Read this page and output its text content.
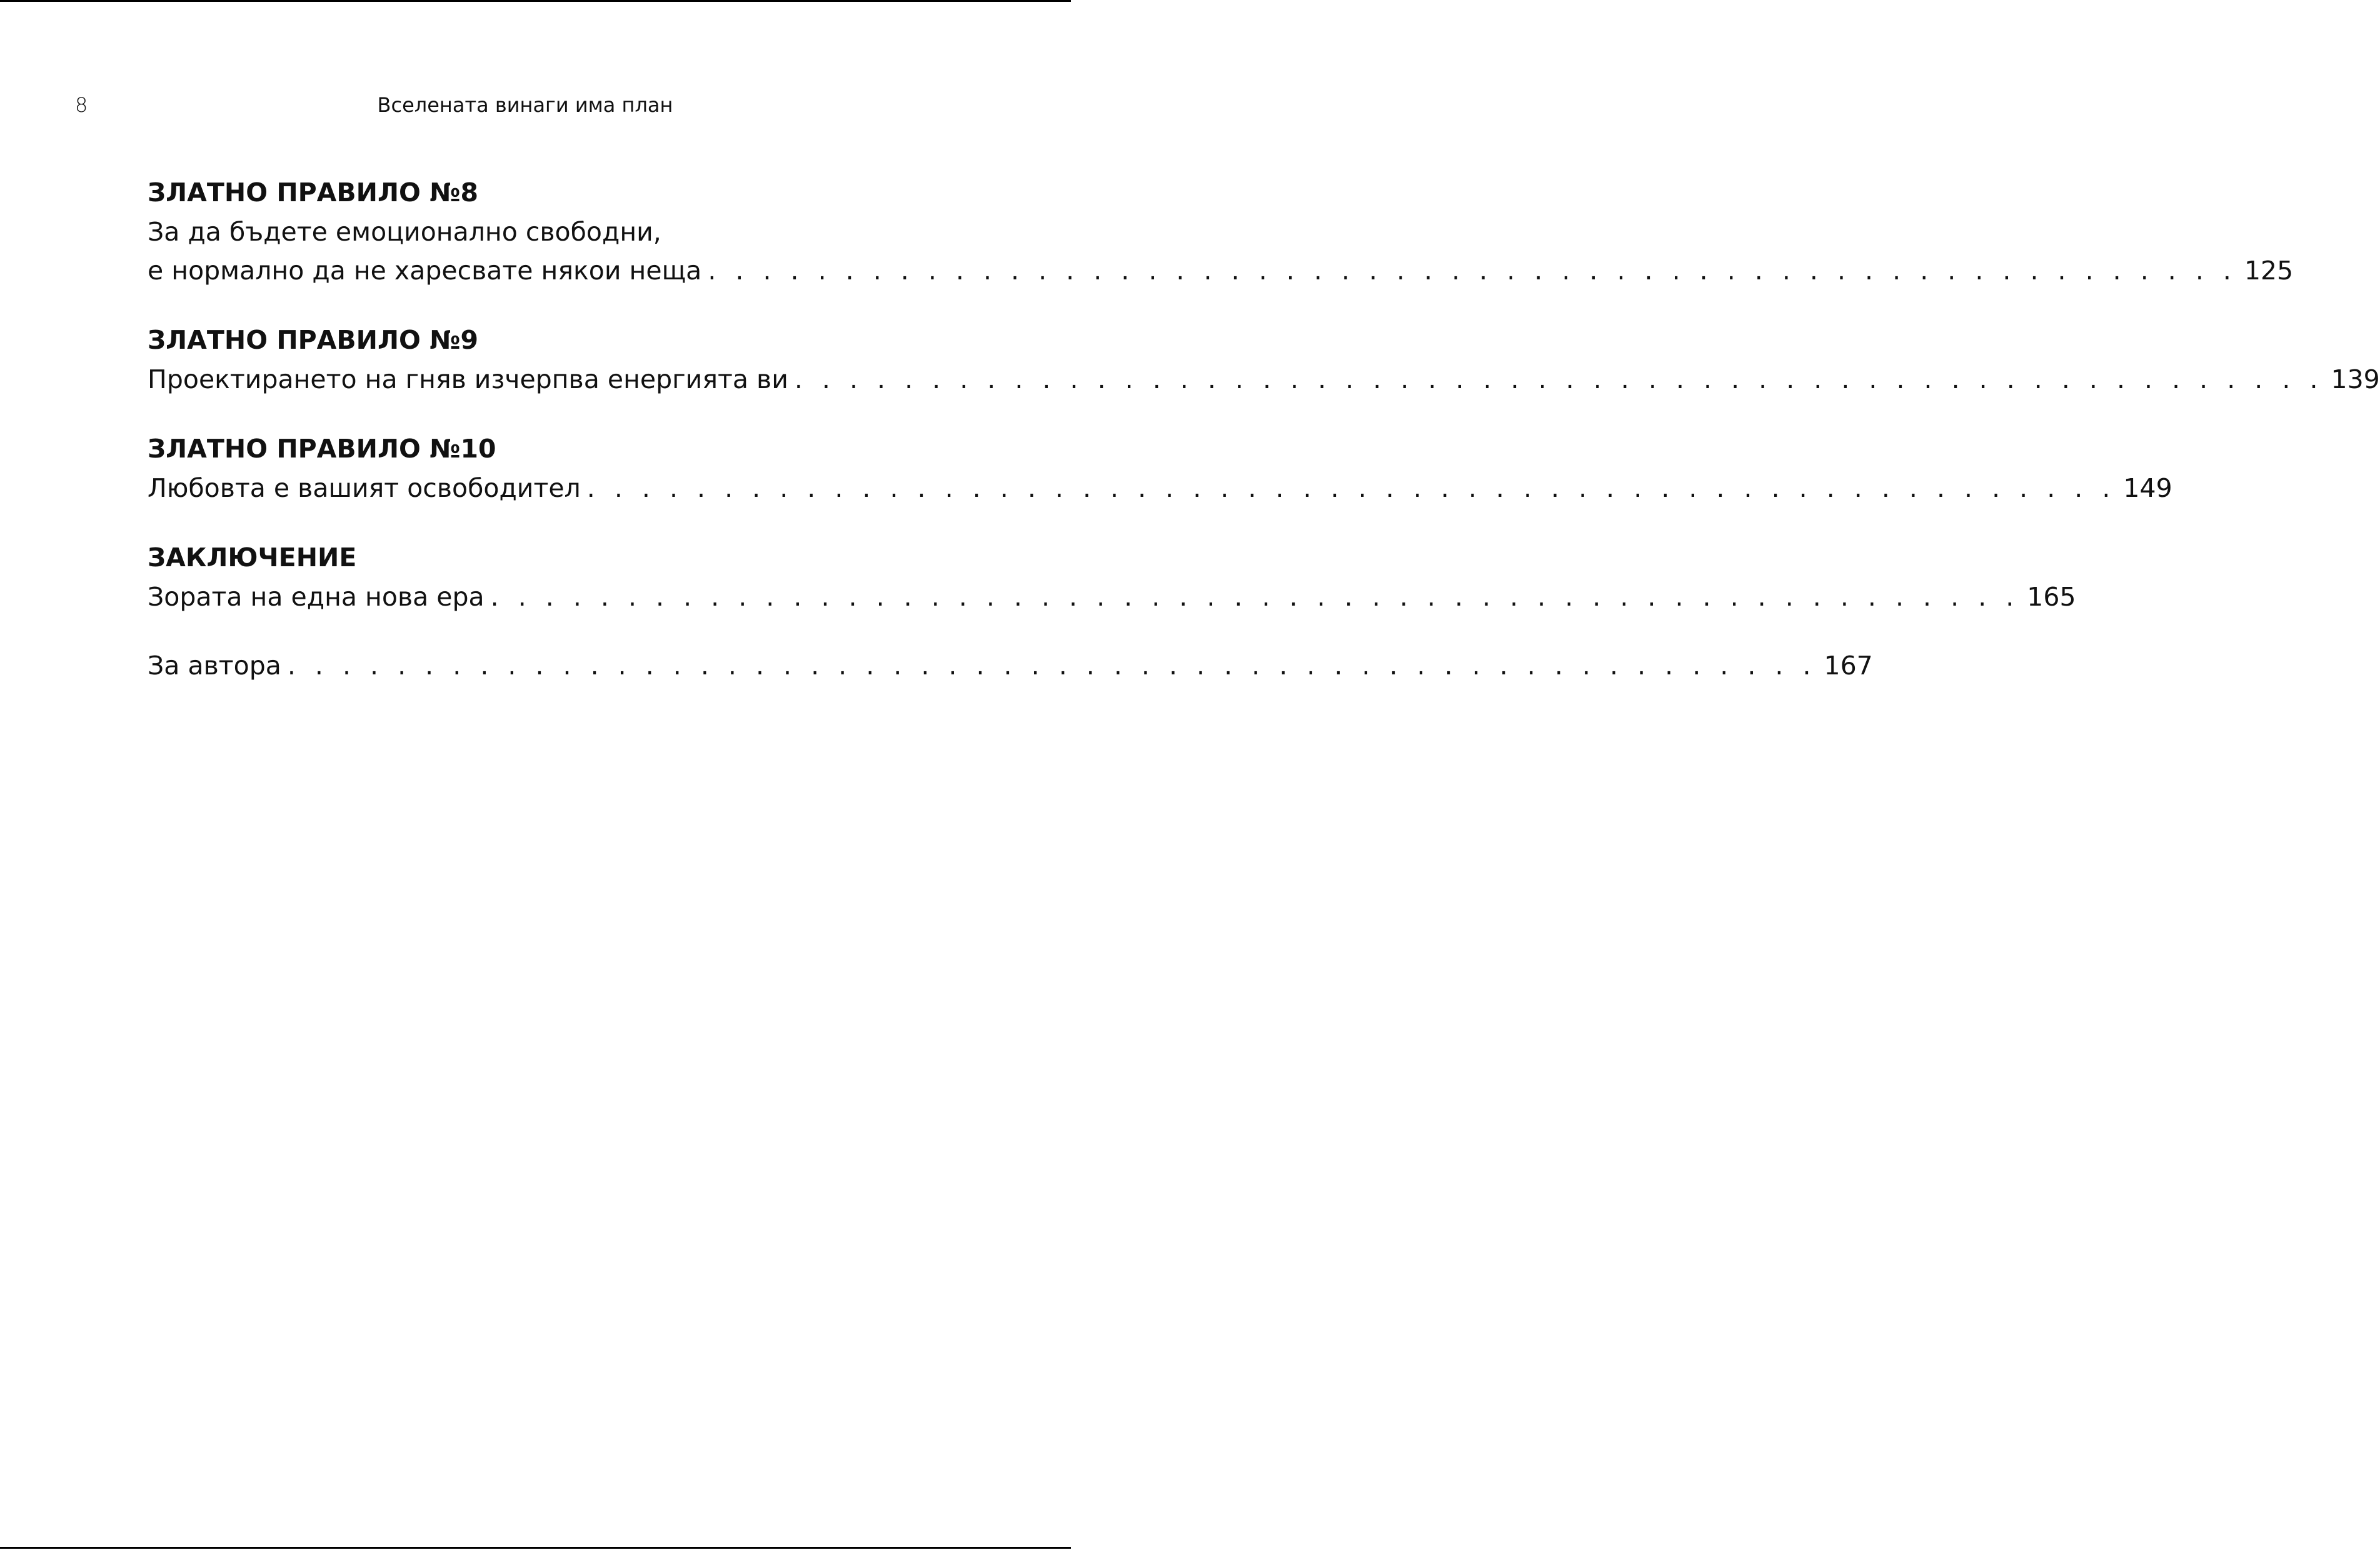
8	Вселената винаги има план
ЗЛАТНО ПРАВИЛО №8
За да бъдете емоционално свободни,
е нормално да не харесвате някои неща . . . . . . . . . . . . . . . . . . . . . . . . . . . . . . . . . . . . . . . . . . . . . . . . . . . . . . . . 125
ЗЛАТНО ПРАВИЛО №9
Проектирането на гняв изчерпва енергията ви . . . . . . . . . . . . . . . . . . . . . . . . . . . . . . . . . . . . . . . . . . . . . . . . . . . . . . . . 139
ЗЛАТНО ПРАВИЛО №10
Любовта е вашият освободител . . . . . . . . . . . . . . . . . . . . . . . . . . . . . . . . . . . . . . . . . . . . . . . . . . . . . . . . 149
ЗАКЛЮЧЕНИЕ
Зората на една нова ера . . . . . . . . . . . . . . . . . . . . . . . . . . . . . . . . . . . . . . . . . . . . . . . . . . . . . . . . 165
За автора . . . . . . . . . . . . . . . . . . . . . . . . . . . . . . . . . . . . . . . . . . . . . . . . . . . . . . . . 167
